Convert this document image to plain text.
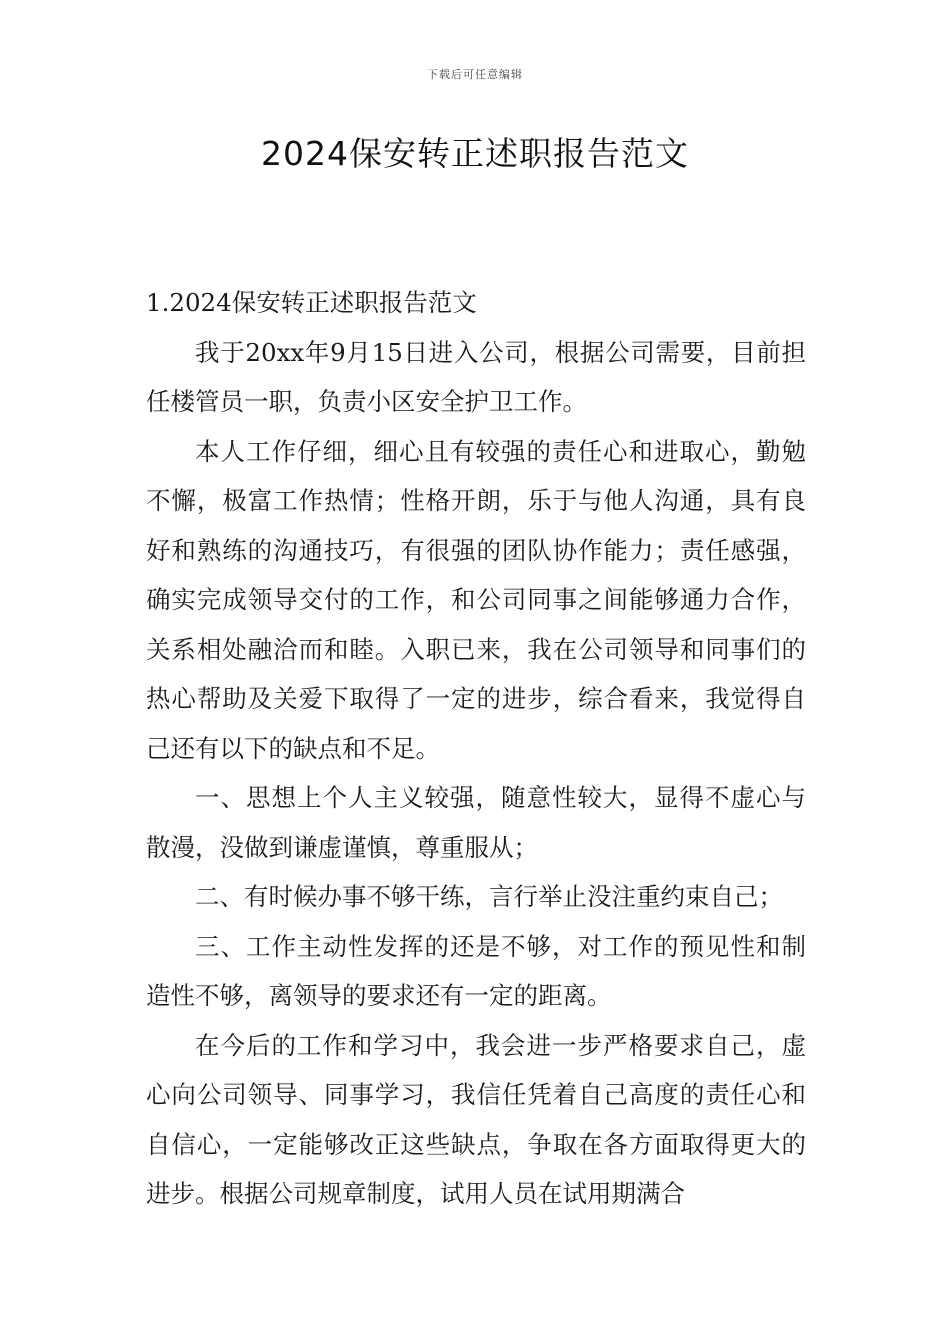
下载后可任意编辑
2024保安转正述职报告范文

1.2024保安转正述职报告范文

我于20xx年9月15日进入公司，根据公司需要，目前担任楼管员一职，负责小区安全护卫工作。

本人工作仔细，细心且有较强的责任心和进取心，勤勉不懈，极富工作热情；性格开朗，乐于与他人沟通，具有良好和熟练的沟通技巧，有很强的团队协作能力；责任感强，确实完成领导交付的工作，和公司同事之间能够通力合作，关系相处融洽而和睦。入职已来，我在公司领导和同事们的热心帮助及关爱下取得了一定的进步，综合看来，我觉得自己还有以下的缺点和不足。

一、思想上个人主义较强，随意性较大，显得不虚心与散漫，没做到谦虚谨慎，尊重服从；

二、有时候办事不够干练，言行举止没注重约束自己；

三、工作主动性发挥的还是不够，对工作的预见性和制造性不够，离领导的要求还有一定的距离。

在今后的工作和学习中，我会进一步严格要求自己，虚心向公司领导、同事学习，我信任凭着自己高度的责任心和自信心，一定能够改正这些缺点，争取在各方面取得更大的进步。根据公司规章制度，试用人员在试用期满合
